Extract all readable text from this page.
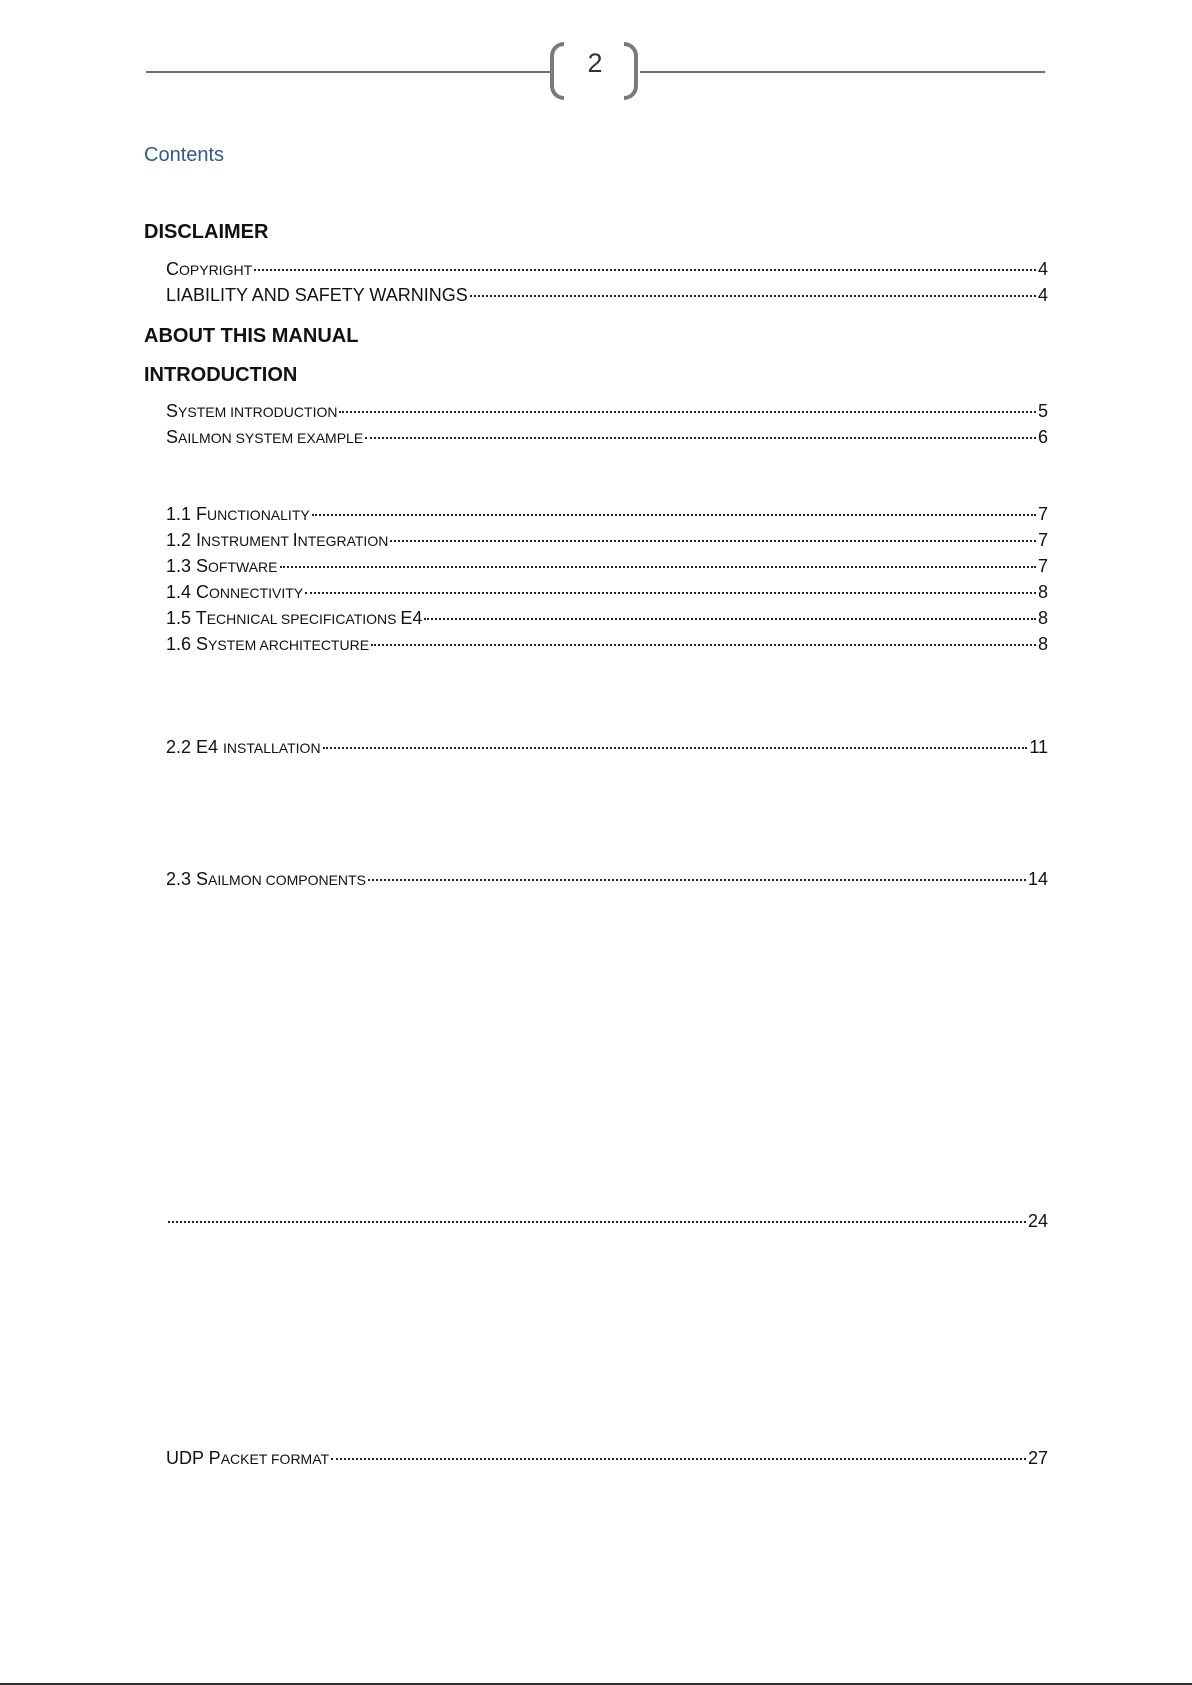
2
Contents
DISCLAIMER
COPYRIGHT	4
LIABILITY AND SAFETY WARNINGS	4
ABOUT THIS MANUAL
INTRODUCTION
SYSTEM INTRODUCTION	5
SAILMON SYSTEM EXAMPLE	6
1.1 FUNCTIONALITY	7
1.2 INSTRUMENT INTEGRATION	7
1.3 SOFTWARE	7
1.4 CONNECTIVITY	8
1.5 TECHNICAL SPECIFICATIONS E4	8
1.6 SYSTEM ARCHITECTURE	8
2.2 E4 INSTALLATION	11
2.3 SAILMON COMPONENTS	14
24
UDP PACKET FORMAT	27
